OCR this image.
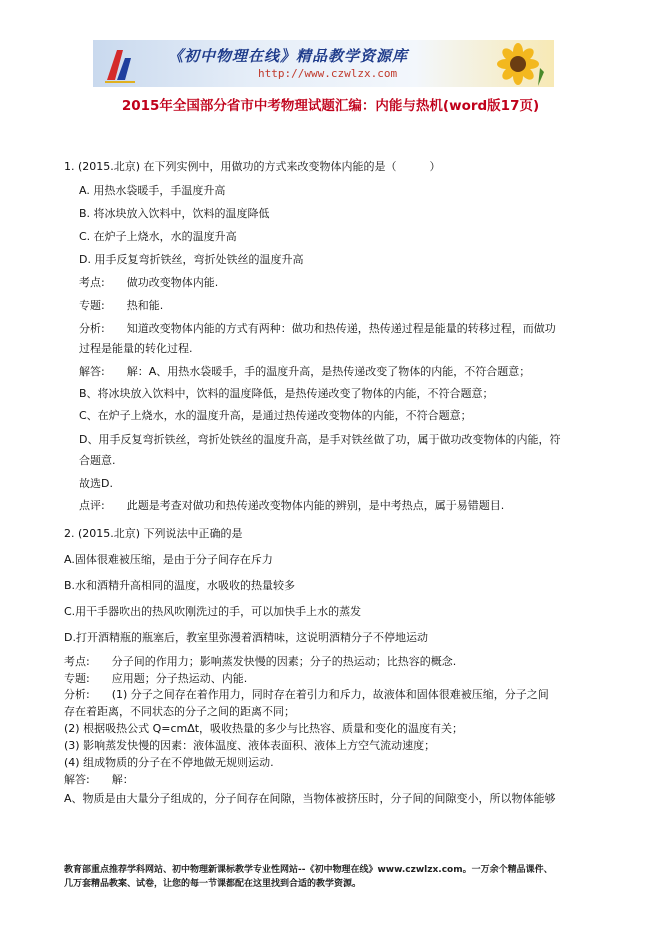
《初中物理在线》精品教学资源库
http://www.czwlzx.com
2015年全国部分省市中考物理试题汇编：内能与热机(word版17页)
1. (2015.北京) 在下列实例中，用做功的方式来改变物体内能的是（　　　）
A. 用热水袋暖手，手温度升高
B. 将冰块放入饮料中，饮料的温度降低
C. 在炉子上烧水，水的温度升高
D. 用手反复弯折铁丝，弯折处铁丝的温度升高
考点:　　做功改变物体内能.
专题:　　热和能.
分析:　　知道改变物体内能的方式有两种：做功和热传递，热传递过程是能量的转移过程，而做功
过程是能量的转化过程.
解答:　　解：A、用热水袋暖手，手的温度升高，是热传递改变了物体的内能，不符合题意；
B、将冰块放入饮料中，饮料的温度降低，是热传递改变了物体的内能，不符合题意；
C、在炉子上烧水，水的温度升高，是通过热传递改变物体的内能，不符合题意；
D、用手反复弯折铁丝，弯折处铁丝的温度升高，是手对铁丝做了功，属于做功改变物体的内能，符
合题意.
故选D.
点评:　　此题是考查对做功和热传递改变物体内能的辨别，是中考热点，属于易错题目.
2. (2015.北京) 下列说法中正确的是
A.固体很难被压缩，是由于分子间存在斥力
B.水和酒精升高相同的温度，水吸收的热量较多
C.用干手器吹出的热风吹刚洗过的手，可以加快手上水的蒸发
D.打开酒精瓶的瓶塞后，教室里弥漫着酒精味，这说明酒精分子不停地运动
考点:　　分子间的作用力；影响蒸发快慢的因素；分子的热运动；比热容的概念.
专题:　　应用题；分子热运动、内能.
分析:　　(1) 分子之间存在着作用力，同时存在着引力和斥力，故液体和固体很难被压缩，分子之间
存在着距离，不同状态的分子之间的距离不同；
(2) 根据吸热公式 Q=cmΔt，吸收热量的多少与比热容、质量和变化的温度有关；
(3) 影响蒸发快慢的因素：液体温度、液体表面积、液体上方空气流动速度；
(4) 组成物质的分子在不停地做无规则运动.
解答:　　解：
A、物质是由大量分子组成的，分子间存在间隙，当物体被挤压时，分子间的间隙变小，所以物体能够
教育部重点推荐学科网站、初中物理新课标教学专业性网站--《初中物理在线》www.czwlzx.com。一万余个精品课件、
几万套精品教案、试卷，让您的每一节课都配在这里找到合适的教学资源。
